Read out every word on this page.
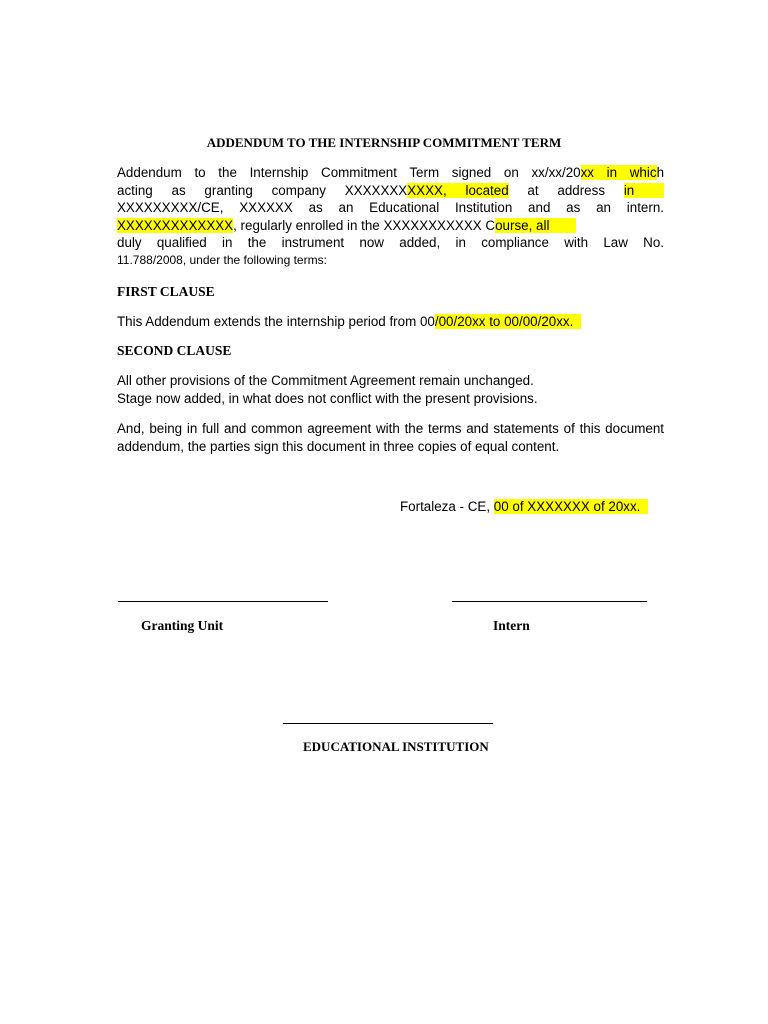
ADDENDUM TO THE INTERNSHIP COMMITMENT TERM
Addendum to the Internship Commitment Term signed on xx/xx/20xx in which
acting as granting company XXXXXXXXXXX, located at address in
XXXXXXXXX/CE, XXXXXX as an Educational Institution and as an intern.
XXXXXXXXXXXXX, regularly enrolled in the XXXXXXXXXXX Course, all
duly qualified in the instrument now added, in compliance with Law No.
11.788/2008, under the following terms:
FIRST CLAUSE
This Addendum extends the internship period from 00/00/20xx to 00/00/20xx.
SECOND CLAUSE
All other provisions of the Commitment Agreement remain unchanged.
Stage now added, in what does not conflict with the present provisions.
And, being in full and common agreement with the terms and statements of this document
addendum, the parties sign this document in three copies of equal content.
Fortaleza - CE, 00 of XXXXXXX of 20xx.
Granting Unit	Intern
EDUCATIONAL INSTITUTION
